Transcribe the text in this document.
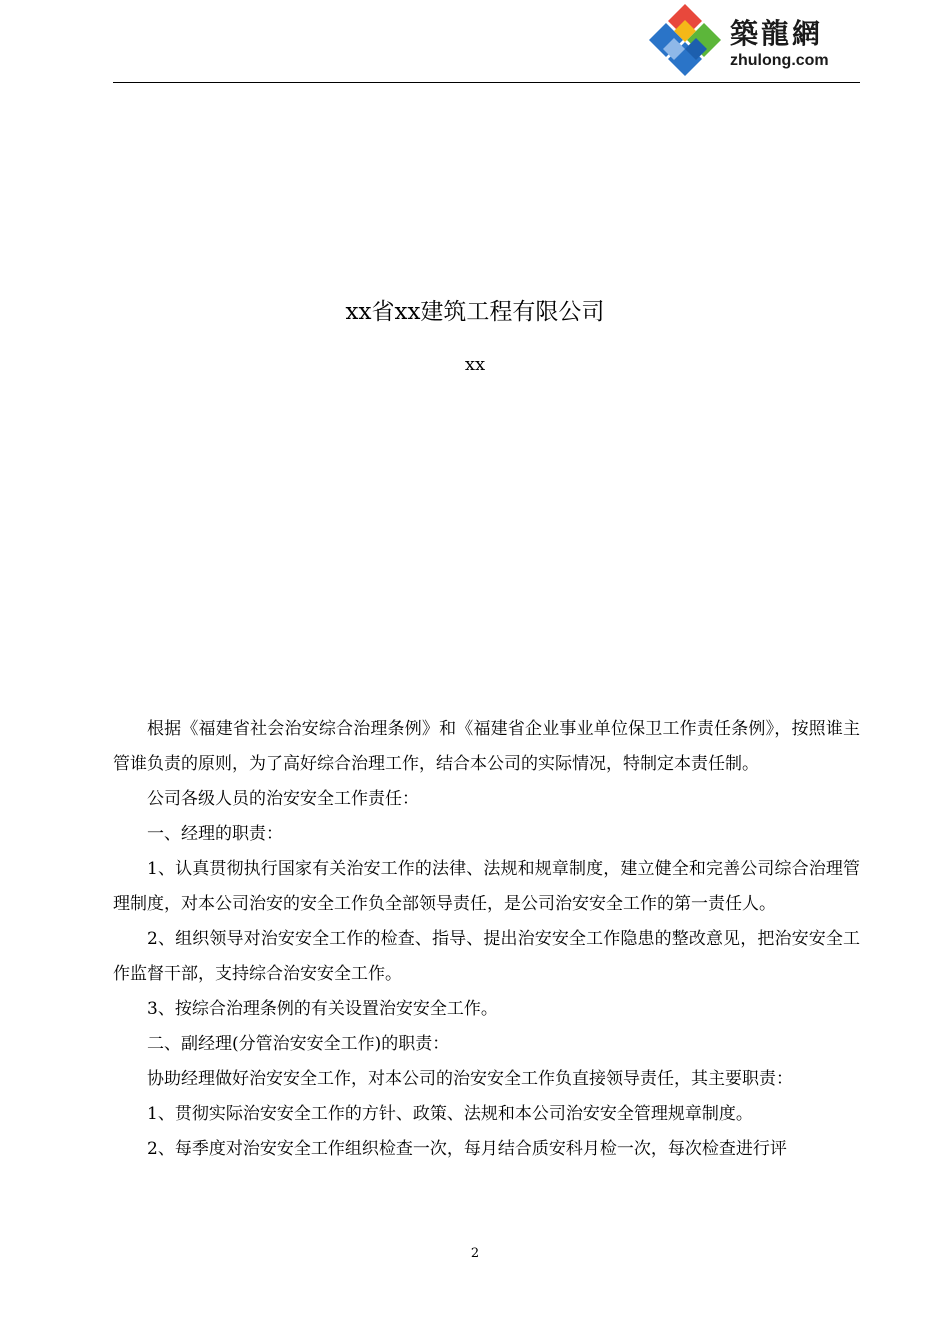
築龍網
zhulong.com
xx省xx建筑工程有限公司
xx

根据《福建省社会治安综合治理条例》和《福建省企业事业单位保卫工作责任条例》，按照谁主管谁负责的原则，为了高好综合治理工作，结合本公司的实际情况，特制定本责任制。

公司各级人员的治安安全工作责任：

一、经理的职责：

1、认真贯彻执行国家有关治安工作的法律、法规和规章制度，建立健全和完善公司综合治理管理制度，对本公司治安的安全工作负全部领导责任，是公司治安安全工作的第一责任人。

2、组织领导对治安安全工作的检查、指导、提出治安安全工作隐患的整改意见，把治安安全工作监督干部，支持综合治安安全工作。

3、按综合治理条例的有关设置治安安全工作。

二、副经理(分管治安安全工作)的职责：

协助经理做好治安安全工作，对本公司的治安安全工作负直接领导责任，其主要职责：

1、贯彻实际治安安全工作的方针、政策、法规和本公司治安安全管理规章制度。

2、每季度对治安安全工作组织检查一次，每月结合质安科月检一次，每次检查进行评

2
